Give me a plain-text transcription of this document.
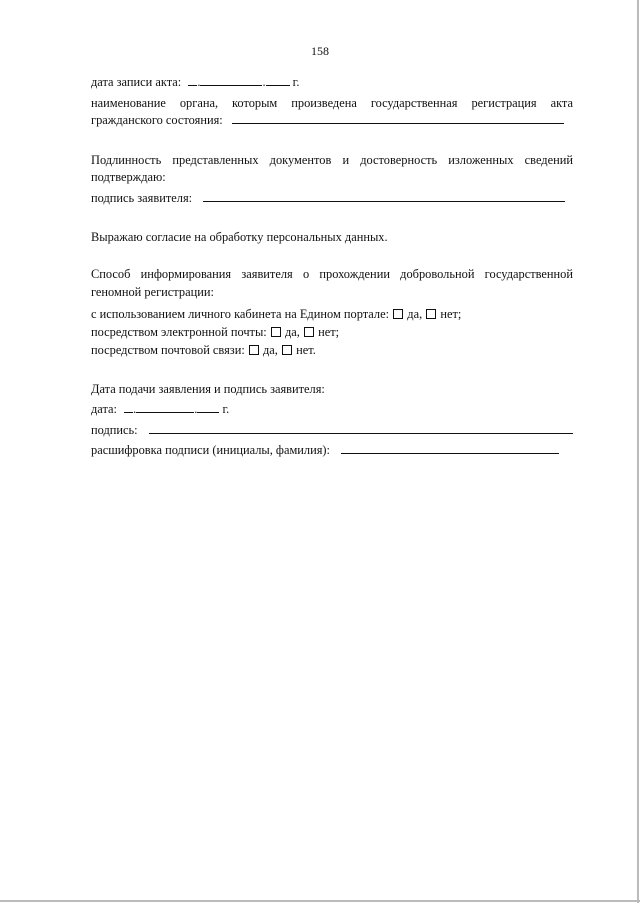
158
дата записи акта: .	. г.
наименование органа, которым произведена государственная регистрация акта
гражданского состояния:
Подлинность представленных документов и достоверность изложенных сведений
подтверждаю:
подпись заявителя:
Выражаю согласие на обработку персональных данных.
Способ информирования заявителя о прохождении добровольной государственной
геномной регистрации:
с использованием личного кабинета на Едином портале: да, нет;
посредством электронной почты: да, нет;
посредством почтовой связи: да, нет.
Дата подачи заявления и подпись заявителя:
дата: .	. г.
подпись:
расшифровка подписи (инициалы, фамилия):
